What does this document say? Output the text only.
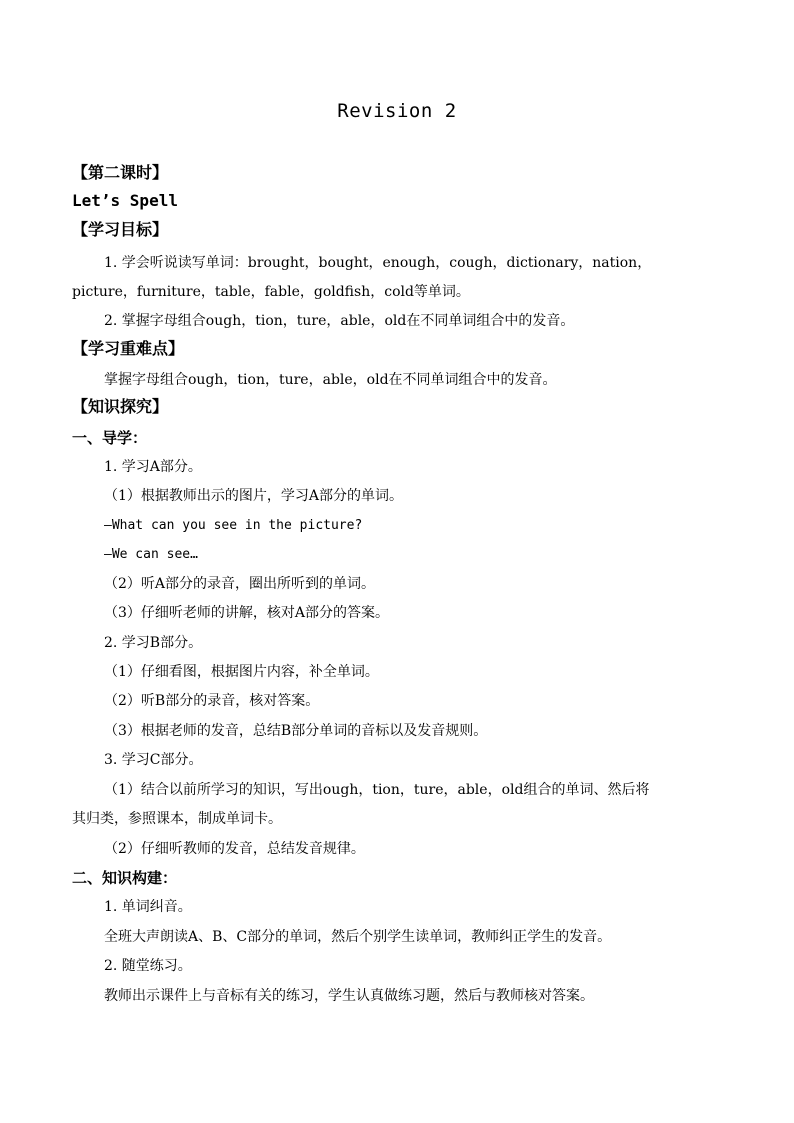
Revision 2
【第二课时】
Let’s Spell
【学习目标】
1. 学会听说读写单词：brought，bought，enough，cough，dictionary，nation，
picture，furniture，table，fable，goldfish，cold等单词。
2. 掌握字母组合ough，tion，ture，able，old在不同单词组合中的发音。
【学习重难点】
掌握字母组合ough，tion，ture，able，old在不同单词组合中的发音。
【知识探究】
一、导学：
1. 学习A部分。
（1）根据教师出示的图片，学习A部分的单词。
—What can you see in the picture?
—We can see…
（2）听A部分的录音，圈出所听到的单词。
（3）仔细听老师的讲解，核对A部分的答案。
2. 学习B部分。
（1）仔细看图，根据图片内容，补全单词。
（2）听B部分的录音，核对答案。
（3）根据老师的发音，总结B部分单词的音标以及发音规则。
3. 学习C部分。
（1）结合以前所学习的知识，写出ough，tion，ture，able，old组合的单词、然后将
其归类，参照课本，制成单词卡。
（2）仔细听教师的发音，总结发音规律。
二、知识构建：
1. 单词纠音。
全班大声朗读A、B、C部分的单词，然后个别学生读单词，教师纠正学生的发音。
2. 随堂练习。
教师出示课件上与音标有关的练习，学生认真做练习题，然后与教师核对答案。
